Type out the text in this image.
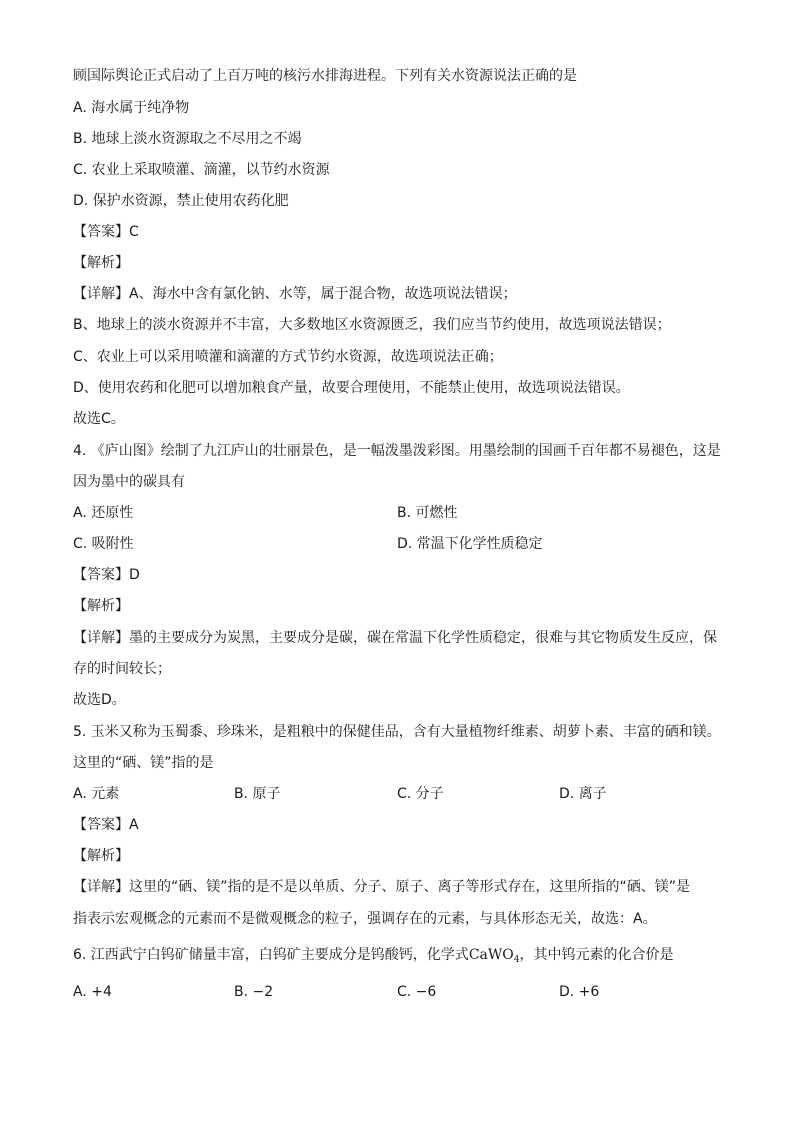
顾国际舆论正式启动了上百万吨的核污水排海进程。下列有关水资源说法正确的是
A. 海水属于纯净物
B. 地球上淡水资源取之不尽用之不竭
C. 农业上采取喷灌、滴灌，以节约水资源
D. 保护水资源，禁止使用农药化肥
【答案】C
【解析】
【详解】A、海水中含有氯化钠、水等，属于混合物，故选项说法错误；
B、地球上的淡水资源并不丰富，大多数地区水资源匮乏，我们应当节约使用，故选项说法错误；
C、农业上可以采用喷灌和滴灌的方式节约水资源，故选项说法正确；
D、使用农药和化肥可以增加粮食产量，故要合理使用，不能禁止使用，故选项说法错误。
故选C。
4. 《庐山图》绘制了九江庐山的壮丽景色，是一幅泼墨泼彩图。用墨绘制的国画千百年都不易褪色，这是
因为墨中的碳具有
A. 还原性	B. 可燃性
C. 吸附性	D. 常温下化学性质稳定
【答案】D
【解析】
【详解】墨的主要成分为炭黑，主要成分是碳，碳在常温下化学性质稳定，很难与其它物质发生反应，保
存的时间较长；
故选D。
5. 玉米又称为玉蜀黍、珍珠米，是粗粮中的保健佳品，含有大量植物纤维素、胡萝卜素、丰富的硒和镁。
这里的“硒、镁”指的是
A. 元素	B. 原子	C. 分子	D. 离子
【答案】A
【解析】
【详解】这里的“硒、镁”指的是不是以单质、分子、原子、离子等形式存在，这里所指的“硒、镁”是
指表示宏观概念的元素而不是微观概念的粒子，强调存在的元素，与具体形态无关，故选：A。
6. 江西武宁白钨矿储量丰富，白钨矿主要成分是钨酸钙，化学式CaWO$_4$，其中钨元素的化合价是
A. +4	B. −2	C. −6	D. +6
